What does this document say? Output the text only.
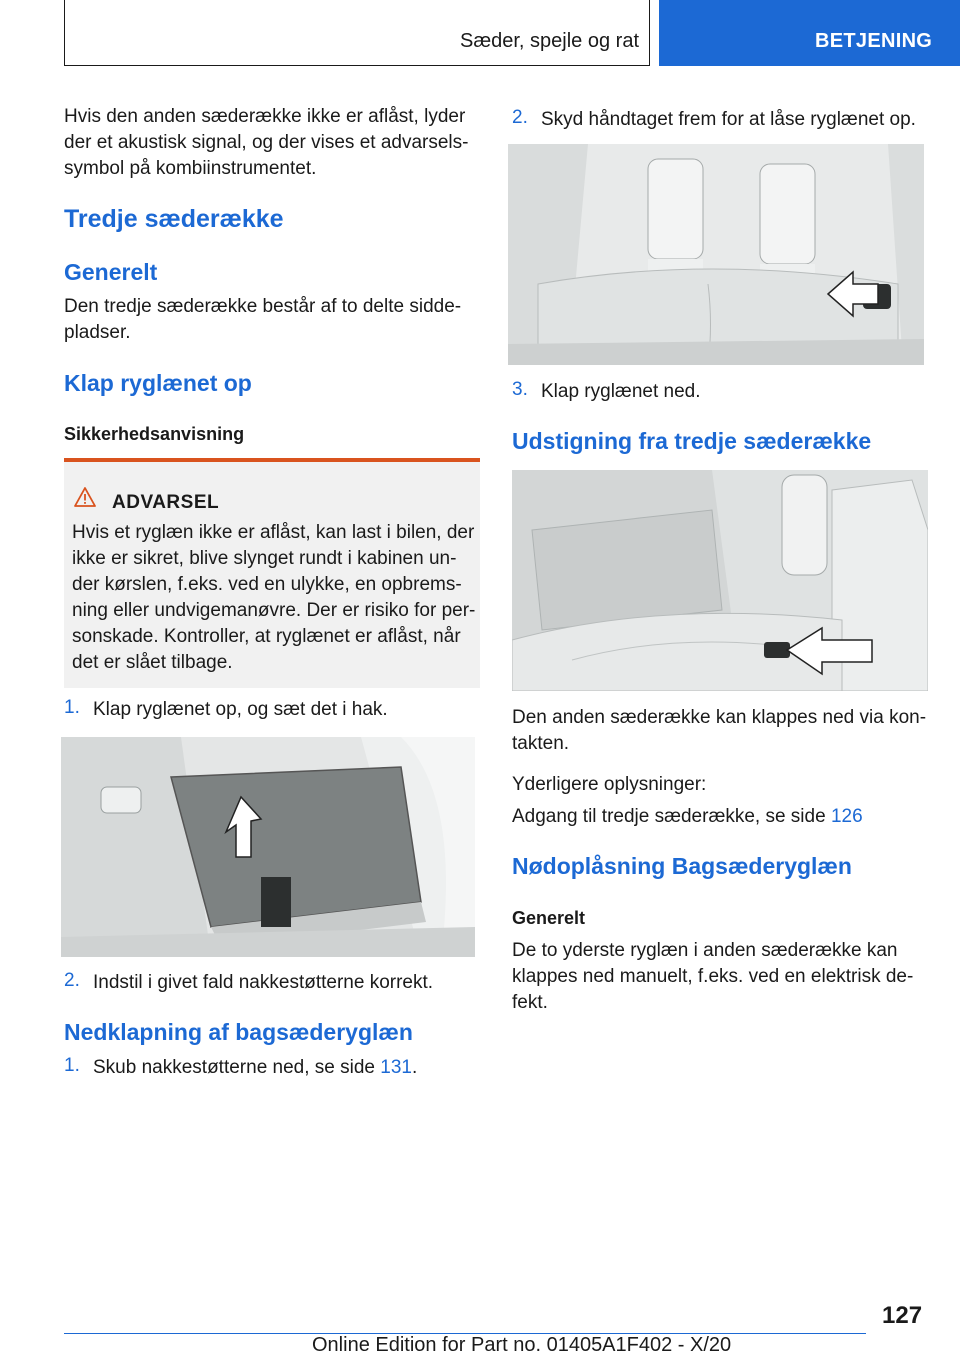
Sæder, spejle og rat	BETJENING
Hvis den anden sæderække ikke er aflåst, lyder
der et akustisk signal, og der vises et advarsels-
symbol på kombiinstrumentet.
Tredje sæderække
Generelt
Den tredje sæderække består af to delte sidde-
pladser.
Klap ryglænet op
Sikkerhedsanvisning
ADVARSEL
Hvis et ryglæn ikke er aflåst, kan last i bilen, der
ikke er sikret, blive slynget rundt i kabinen un-
der kørslen, f.eks. ved en ulykke, en opbrems-
ning eller undvigemanøvre. Der er risiko for per-
sonskade. Kontroller, at ryglænet er aflåst, når
det er slået tilbage.
1. Klap ryglænet op, og sæt det i hak.
2. Indstil i givet fald nakkestøtterne korrekt.
Nedklapning af bagsæderyglæn
1. Skub nakkestøtterne ned, se side 131.
2. Skyd håndtaget frem for at låse ryglænet op.
3. Klap ryglænet ned.
Udstigning fra tredje sæderække
Den anden sæderække kan klappes ned via kon-
takten.
Yderligere oplysninger:
Adgang til tredje sæderække, se side 126
Nødoplåsning Bagsæderyglæn
Generelt
De to yderste ryglæn i anden sæderække kan
klappes ned manuelt, f.eks. ved en elektrisk de-
fekt.
127
Online Edition for Part no. 01405A1F402 - X/20
